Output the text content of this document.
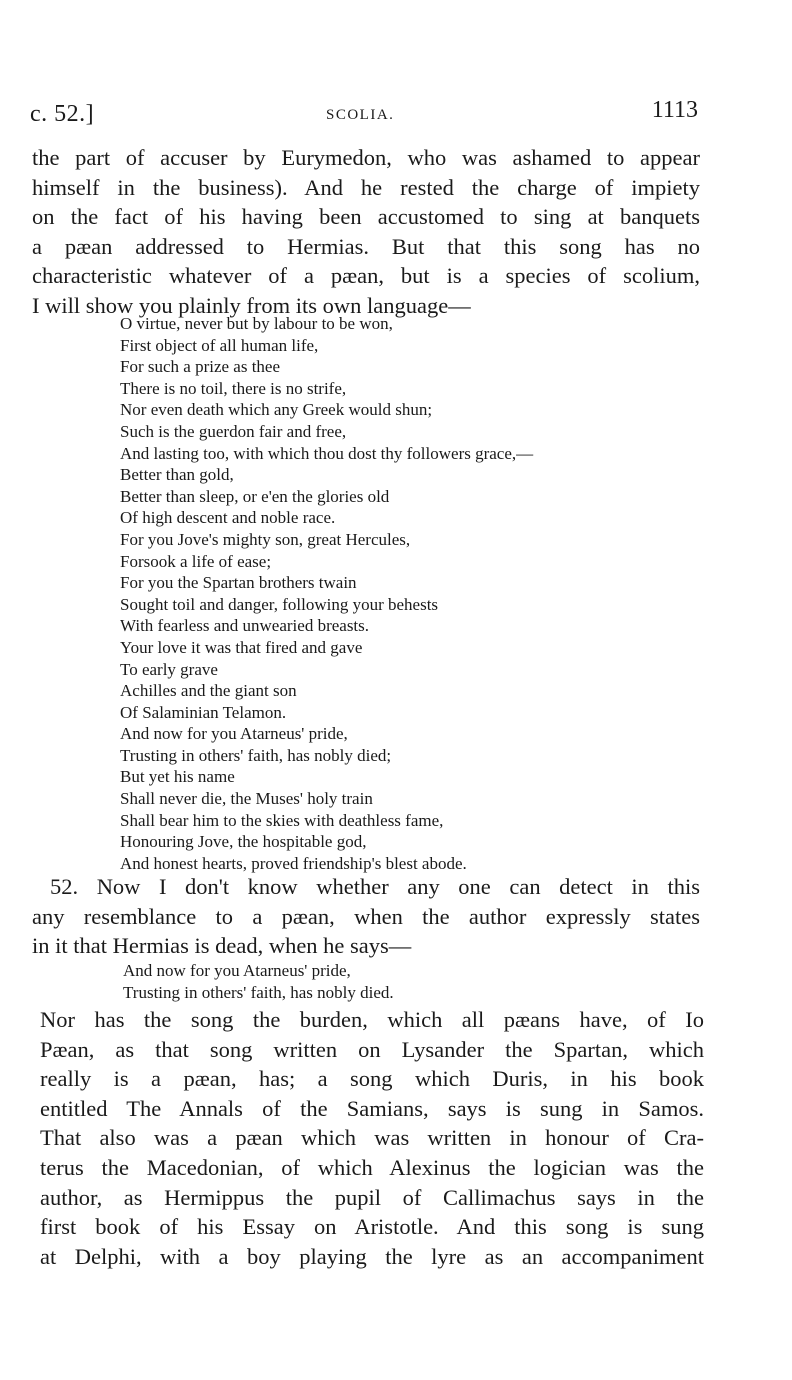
c. 52.]	SCOLIA.	1113
the part of accuser by Eurymedon, who was ashamed to appear
himself in the business). And he rested the charge of impiety
on the fact of his having been accustomed to sing at banquets
a pæan addressed to Hermias. But that this song has no
characteristic whatever of a pæan, but is a species of scolium,
I will show you plainly from its own language—
O virtue, never but by labour to be won,
First object of all human life,
For such a prize as thee
There is no toil, there is no strife,
Nor even death which any Greek would shun;
Such is the guerdon fair and free,
And lasting too, with which thou dost thy followers grace,—
Better than gold,
Better than sleep, or e'en the glories old
Of high descent and noble race.
For you Jove's mighty son, great Hercules,
Forsook a life of ease;
For you the Spartan brothers twain
Sought toil and danger, following your behests
With fearless and unwearied breasts.
Your love it was that fired and gave
To early grave
Achilles and the giant son
Of Salaminian Telamon.
And now for you Atarneus' pride,
Trusting in others' faith, has nobly died;
But yet his name
Shall never die, the Muses' holy train
Shall bear him to the skies with deathless fame,
Honouring Jove, the hospitable god,
And honest hearts, proved friendship's blest abode.
52. Now I don't know whether any one can detect in this
any resemblance to a pæan, when the author expressly states
in it that Hermias is dead, when he says—
And now for you Atarneus' pride,
Trusting in others' faith, has nobly died.
Nor has the song the burden, which all pæans have, of Io
Pæan, as that song written on Lysander the Spartan, which
really is a pæan, has; a song which Duris, in his book
entitled The Annals of the Samians, says is sung in Samos.
That also was a pæan which was written in honour of Cra-
terus the Macedonian, of which Alexinus the logician was the
author, as Hermippus the pupil of Callimachus says in the
first book of his Essay on Aristotle. And this song is sung
at Delphi, with a boy playing the lyre as an accompaniment
